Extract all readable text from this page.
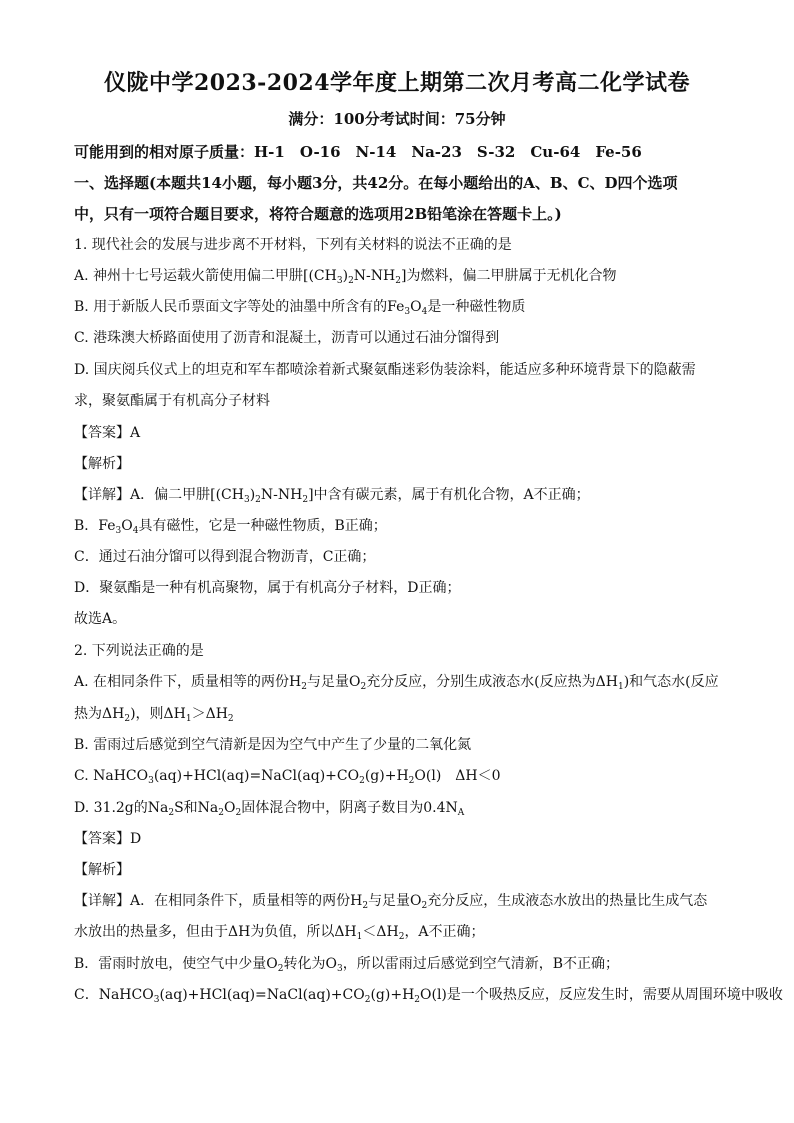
仪陇中学2023-2024学年度上期第二次月考高二化学试卷
满分：100分考试时间：75分钟
可能用到的相对原子质量：H-1　O-16　N-14　Na-23　S-32　Cu-64　Fe-56
一、选择题(本题共14小题，每小题3分，共42分。在每小题给出的A、B、C、D四个选项
中，只有一项符合题目要求，将符合题意的选项用2B铅笔涂在答题卡上。)
1. 现代社会的发展与进步离不开材料，下列有关材料的说法不正确的是
A. 神州十七号运载火箭使用偏二甲肼$[(CH_3)_2N-NH_2]$为燃料，偏二甲肼属于无机化合物
B. 用于新版人民币票面文字等处的油墨中所含有的$Fe_3O_4$是一种磁性物质
C. 港珠澳大桥路面使用了沥青和混凝土，沥青可以通过石油分馏得到
D. 国庆阅兵仪式上的坦克和军车都喷涂着新式聚氨酯迷彩伪装涂料，能适应多种环境背景下的隐蔽需
求，聚氨酯属于有机高分子材料
【答案】A
【解析】
【详解】A．偏二甲肼$[(CH_3)_2N-NH_2]$中含有碳元素，属于有机化合物，A不正确；
B．$Fe_3O_4$具有磁性，它是一种磁性物质，B正确；
C．通过石油分馏可以得到混合物沥青，C正确；
D．聚氨酯是一种有机高聚物，属于有机高分子材料，D正确；
故选A。
2. 下列说法正确的是
A. 在相同条件下，质量相等的两份$H_2$与足量$O_2$充分反应，分别生成液态水(反应热为$\Delta H_1$)和气态水(反应
热为$\Delta H_2$)，则$\Delta H_1>\Delta H_2$
B. 雷雨过后感觉到空气清新是因为空气中产生了少量的二氧化氮
C. $NaHCO_3(aq)+HCl(aq)=NaCl(aq)+CO_2(g)+H_2O(l)$　ΔH＜0
D. 31.2g的$Na_2S$和$Na_2O_2$固体混合物中，阴离子数目为$0.4N_A$
【答案】D
【解析】
【详解】A．在相同条件下，质量相等的两份$H_2$与足量$O_2$充分反应，生成液态水放出的热量比生成气态
水放出的热量多，但由于ΔH为负值，所以$\Delta H_1<\Delta H_2$，A不正确；
B．雷雨时放电，使空气中少量$O_2$转化为$O_3$，所以雷雨过后感觉到空气清新，B不正确；
C．$NaHCO_3(aq)+HCl(aq)=NaCl(aq)+CO_2(g)+H_2O(l)$是一个吸热反应，反应发生时，需要从周围环境中吸收
